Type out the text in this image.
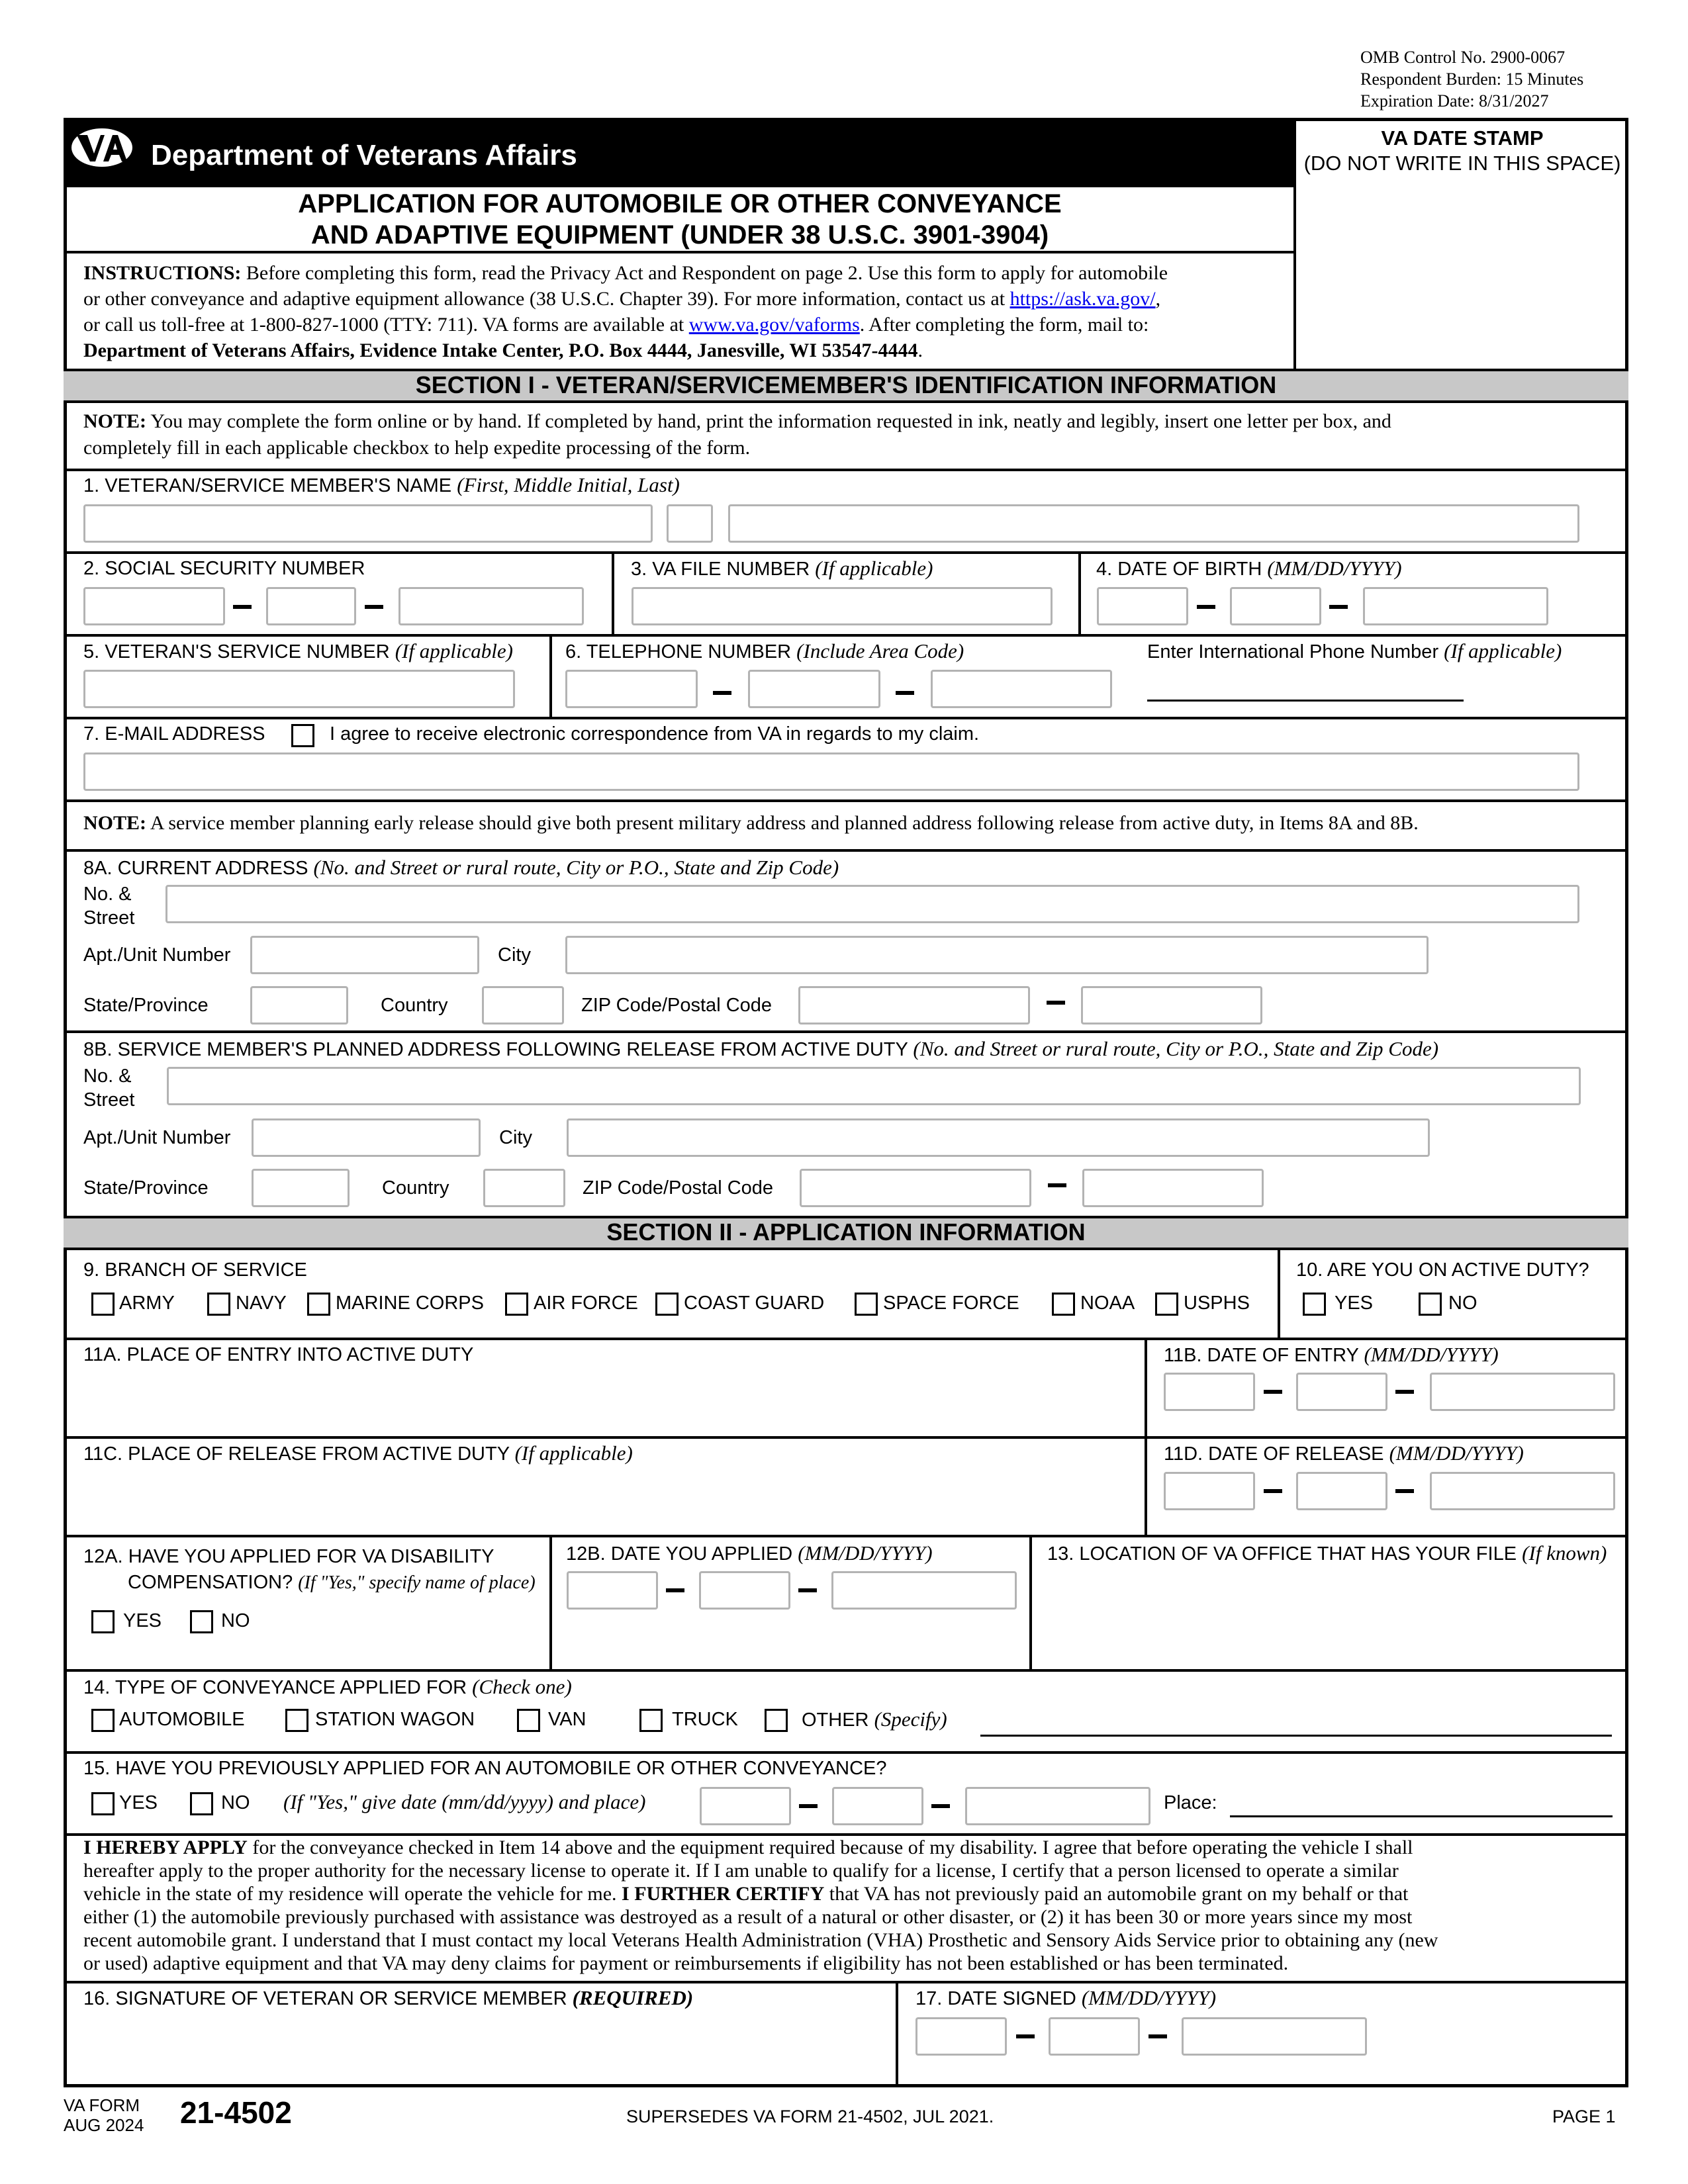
OMB Control No. 2900-0067
Respondent Burden: 15 Minutes
Expiration Date: 8/31/2027
Department of Veterans Affairs
APPLICATION FOR AUTOMOBILE OR OTHER CONVEYANCE
AND ADAPTIVE EQUIPMENT (UNDER 38 U.S.C. 3901-3904)
VA DATE STAMP
(DO NOT WRITE IN THIS SPACE)
INSTRUCTIONS: Before completing this form, read the Privacy Act and Respondent on page 2. Use this form to apply for automobile
or other conveyance and adaptive equipment allowance (38 U.S.C. Chapter 39). For more information, contact us at https://ask.va.gov/,
or call us toll-free at 1-800-827-1000 (TTY: 711). VA forms are available at www.va.gov/vaforms. After completing the form, mail to:
Department of Veterans Affairs, Evidence Intake Center, P.O. Box 4444, Janesville, WI 53547-4444.
SECTION I - VETERAN/SERVICEMEMBER'S IDENTIFICATION INFORMATION
NOTE: You may complete the form online or by hand. If completed by hand, print the information requested in ink, neatly and legibly, insert one letter per box, and
completely fill in each applicable checkbox to help expedite processing of the form.
1. VETERAN/SERVICE MEMBER'S NAME (First, Middle Initial, Last)
2. SOCIAL SECURITY NUMBER	3. VA FILE NUMBER (If applicable)	4. DATE OF BIRTH (MM/DD/YYYY)
5. VETERAN'S SERVICE NUMBER (If applicable)	6. TELEPHONE NUMBER (Include Area Code)	Enter International Phone Number (If applicable)
7. E-MAIL ADDRESS	I agree to receive electronic correspondence from VA in regards to my claim.
NOTE: A service member planning early release should give both present military address and planned address following release from active duty, in Items 8A and 8B.
8A. CURRENT ADDRESS (No. and Street or rural route, City or P.O., State and Zip Code)
No. &
Street
Apt./Unit Number	City
State/Province	Country	ZIP Code/Postal Code
8B. SERVICE MEMBER'S PLANNED ADDRESS FOLLOWING RELEASE FROM ACTIVE DUTY (No. and Street or rural route, City or P.O., State and Zip Code)
No. &
Street
Apt./Unit Number	City
State/Province	Country	ZIP Code/Postal Code
SECTION II - APPLICATION INFORMATION
9. BRANCH OF SERVICE
ARMY	NAVY	MARINE CORPS	AIR FORCE COAST GUARD	SPACE FORCE	NOAA	USPHS
10. ARE YOU ON ACTIVE DUTY?
YES	NO
11A. PLACE OF ENTRY INTO ACTIVE DUTY	11B. DATE OF ENTRY (MM/DD/YYYY)
11C. PLACE OF RELEASE FROM ACTIVE DUTY (If applicable)	11D. DATE OF RELEASE (MM/DD/YYYY)
12A. HAVE YOU APPLIED FOR VA DISABILITY
COMPENSATION? (If "Yes," specify name of place)
YES	NO
12B. DATE YOU APPLIED (MM/DD/YYYY)	13. LOCATION OF VA OFFICE THAT HAS YOUR FILE (If known)
14. TYPE OF CONVEYANCE APPLIED FOR (Check one)
AUTOMOBILE	STATION WAGON	VAN	TRUCK	OTHER (Specify)
15. HAVE YOU PREVIOUSLY APPLIED FOR AN AUTOMOBILE OR OTHER CONVEYANCE?
YES	NO (If "Yes," give date (mm/dd/yyyy) and place)	Place:
I HEREBY APPLY for the conveyance checked in Item 14 above and the equipment required because of my disability. I agree that before operating the vehicle I shall
hereafter apply to the proper authority for the necessary license to operate it. If I am unable to qualify for a license, I certify that a person licensed to operate a similar
vehicle in the state of my residence will operate the vehicle for me. I FURTHER CERTIFY that VA has not previously paid an automobile grant on my behalf or that
either (1) the automobile previously purchased with assistance was destroyed as a result of a natural or other disaster, or (2) it has been 30 or more years since my most
recent automobile grant. I understand that I must contact my local Veterans Health Administration (VHA) Prosthetic and Sensory Aids Service prior to obtaining any (new
or used) adaptive equipment and that VA may deny claims for payment or reimbursements if eligibility has not been established or has been terminated.
16. SIGNATURE OF VETERAN OR SERVICE MEMBER (REQUIRED)	17. DATE SIGNED (MM/DD/YYYY)
VA FORM
AUG 2024 21-4502	SUPERSEDES VA FORM 21-4502, JUL 2021.	PAGE 1
